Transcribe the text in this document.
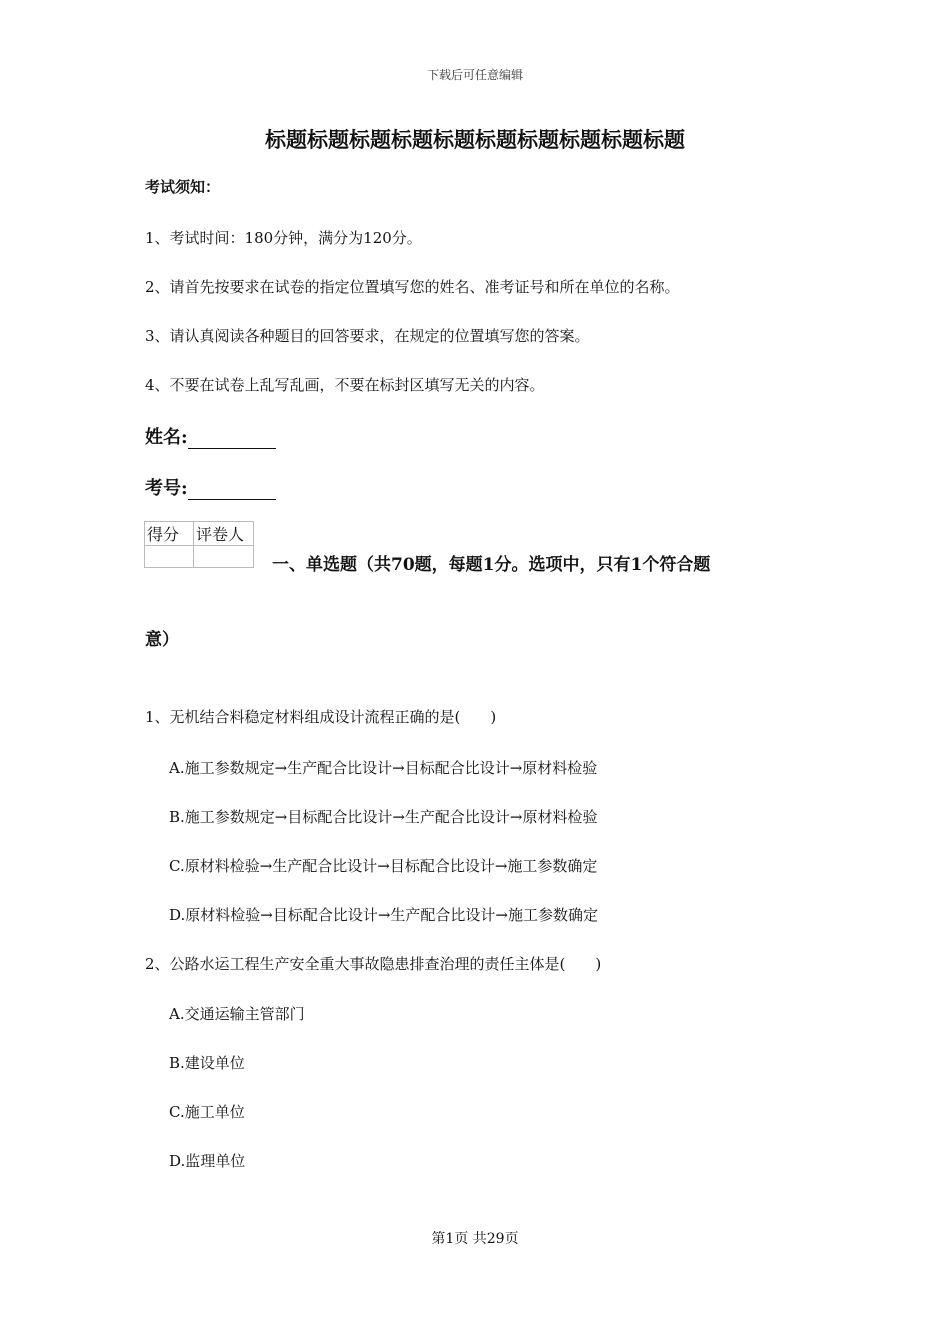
下载后可任意编辑
标题标题标题标题标题标题标题标题标题标题
考试须知：
1、考试时间：180分钟，满分为120分。
2、请首先按要求在试卷的指定位置填写您的姓名、准考证号和所在单位的名称。
3、请认真阅读各种题目的回答要求，在规定的位置填写您的答案。
4、不要在试卷上乱写乱画，不要在标封区填写无关的内容。
姓名:
考号:
得分	评卷人

一、单选题（共70题，每题1分。选项中，只有1个符合题
意）
1、无机结合料稳定材料组成设计流程正确的是(　　)
A.施工参数规定→生产配合比设计→目标配合比设计→原材料检验
B.施工参数规定→目标配合比设计→生产配合比设计→原材料检验
C.原材料检验→生产配合比设计→目标配合比设计→施工参数确定
D.原材料检验→目标配合比设计→生产配合比设计→施工参数确定
2、公路水运工程生产安全重大事故隐患排查治理的责任主体是(　　)
A.交通运输主管部门
B.建设单位
C.施工单位
D.监理单位
第1页 共29页
